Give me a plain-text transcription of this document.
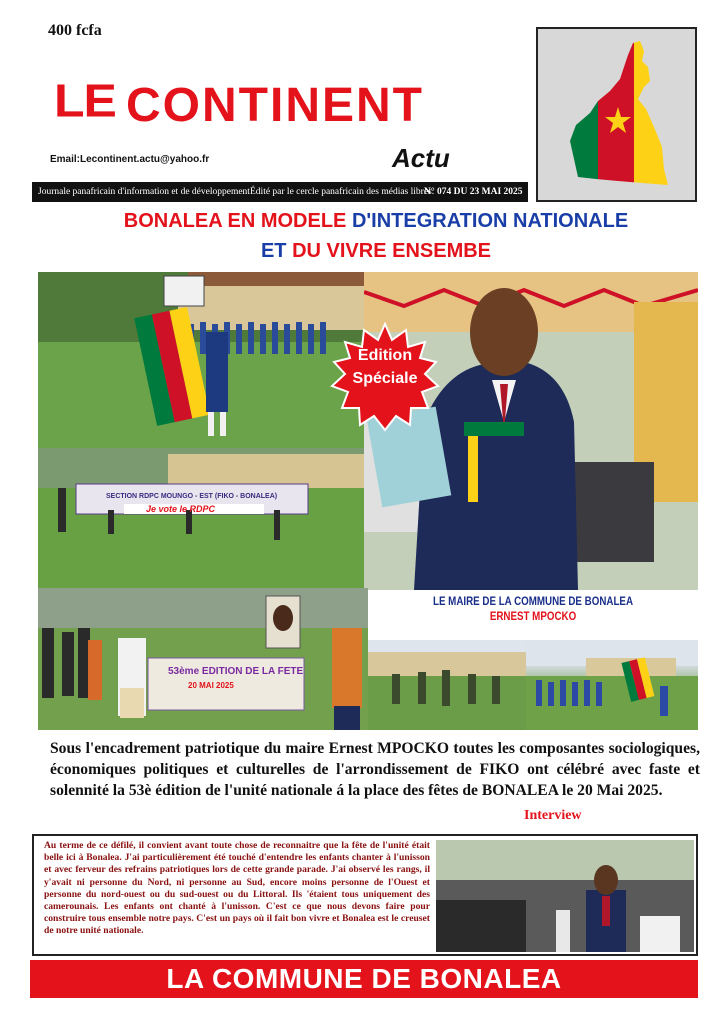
400 fcfa
LE CONTINENT
Email:Lecontinent.actu@yahoo.fr	Actu
Journale panafricain d'information et de développement Édité par le cercle panafricain des médias libres.
N° 074 DU 23 MAI 2025
BONALEA EN MODELE D'INTEGRATION NATIONALE
ET DU VIVRE ENSEMBE
SECTION RDPC MOUNGO - EST (FIKO - BONALEA)
Je vote le RDPC
53ème EDITION DE LA FETE
20 MAI 2025
Edition
Spéciale
LE MAIRE DE LA COMMUNE DE BONALEA
ERNEST MPOCKO
Sous l'encadrement patriotique du maire Ernest MPOCKO toutes les composantes sociologiques, économiques politiques et culturelles de l'arrondissement de FIKO ont célébré avec faste et solennité la 53è édition de l'unité nationale á la place des fêtes de BONALEA le 20 Mai 2025.
Interview
Au terme de ce défilé, il convient avant toute chose de reconnaitre que la fête de l'unité était belle ici à Bonalea. J'ai particulièrement été touché d'entendre les enfants chanter à l'unisson et avec ferveur des refrains patriotiques lors de cette grande parade. J'ai observé les rangs, il y'avait ni personne du Nord, ni personne au Sud, encore moins personne de l'Ouest et personne du nord-ouest ou du sud-ouest ou du Littoral. Ils 'étaient tous uniquement des camerounais. Les enfants ont chanté à l'unisson. C'est ce que nous devons faire pour construire tous ensemble notre pays. C'est un pays où il fait bon vivre et Bonalea est le creuset de notre unité nationale.
LA COMMUNE DE BONALEA
